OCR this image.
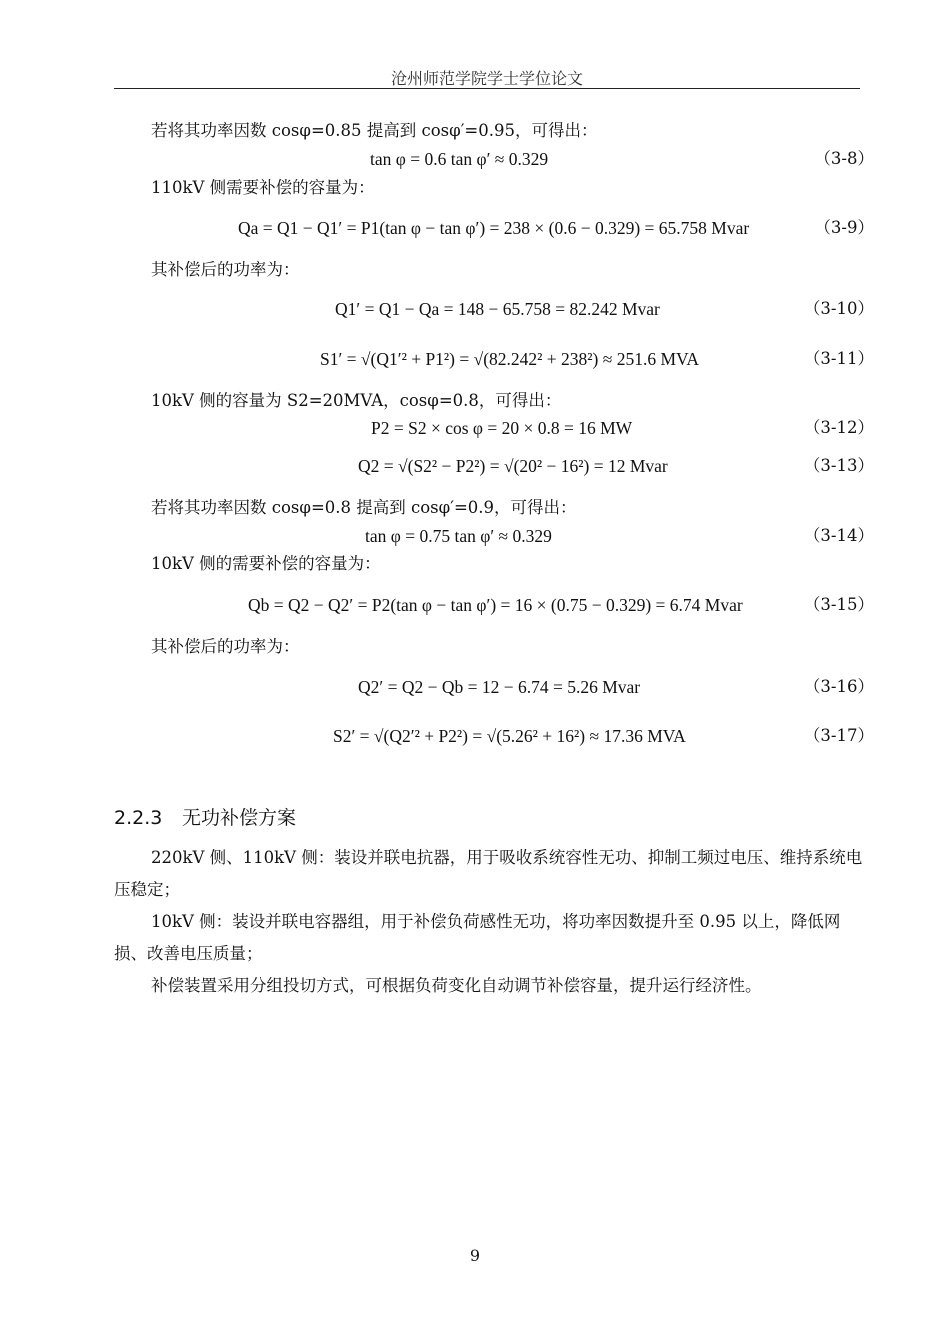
沧州师范学院学士学位论文
若将其功率因数 cosφ=0.85 提高到 cosφ′=0.95，可得出：
tan φ = 0.6 tan φ′ ≈ 0.329	（3-8）
110kV 侧需要补偿的容量为：
Qa = Q1 − Q1′ = P1(tan φ − tan φ′) = 238 × (0.6 − 0.329) = 65.758 Mvar	（3-9）
其补偿后的功率为：
Q1′ = Q1 − Qa = 148 − 65.758 = 82.242 Mvar	（3-10）
S1′ = √(Q1′² + P1²) = √(82.242² + 238²) ≈ 251.6 MVA	（3-11）
10kV 侧的容量为 S2=20MVA，cosφ=0.8，可得出：
P2 = S2 × cos φ = 20 × 0.8 = 16 MW	（3-12）
Q2 = √(S2² − P2²) = √(20² − 16²) = 12 Mvar	（3-13）
若将其功率因数 cosφ=0.8 提高到 cosφ′=0.9，可得出：
tan φ = 0.75 tan φ′ ≈ 0.329	（3-14）
10kV 侧的需要补偿的容量为：
Qb = Q2 − Q2′ = P2(tan φ − tan φ′) = 16 × (0.75 − 0.329) = 6.74 Mvar	（3-15）
其补偿后的功率为：
Q2′ = Q2 − Qb = 12 − 6.74 = 5.26 Mvar	（3-16）
S2′ = √(Q2′² + P2²) = √(5.26² + 16²) ≈ 17.36 MVA	（3-17）
2.2.3 无功补偿方案
220kV 侧、110kV 侧：装设并联电抗器，用于吸收系统容性无功、抑制工频过电压、维持系统电压稳定；
10kV 侧：装设并联电容器组，用于补偿负荷感性无功，将功率因数提升至 0.95 以上，降低网损、改善电压质量；
补偿装置采用分组投切方式，可根据负荷变化自动调节补偿容量，提升运行经济性。
9
